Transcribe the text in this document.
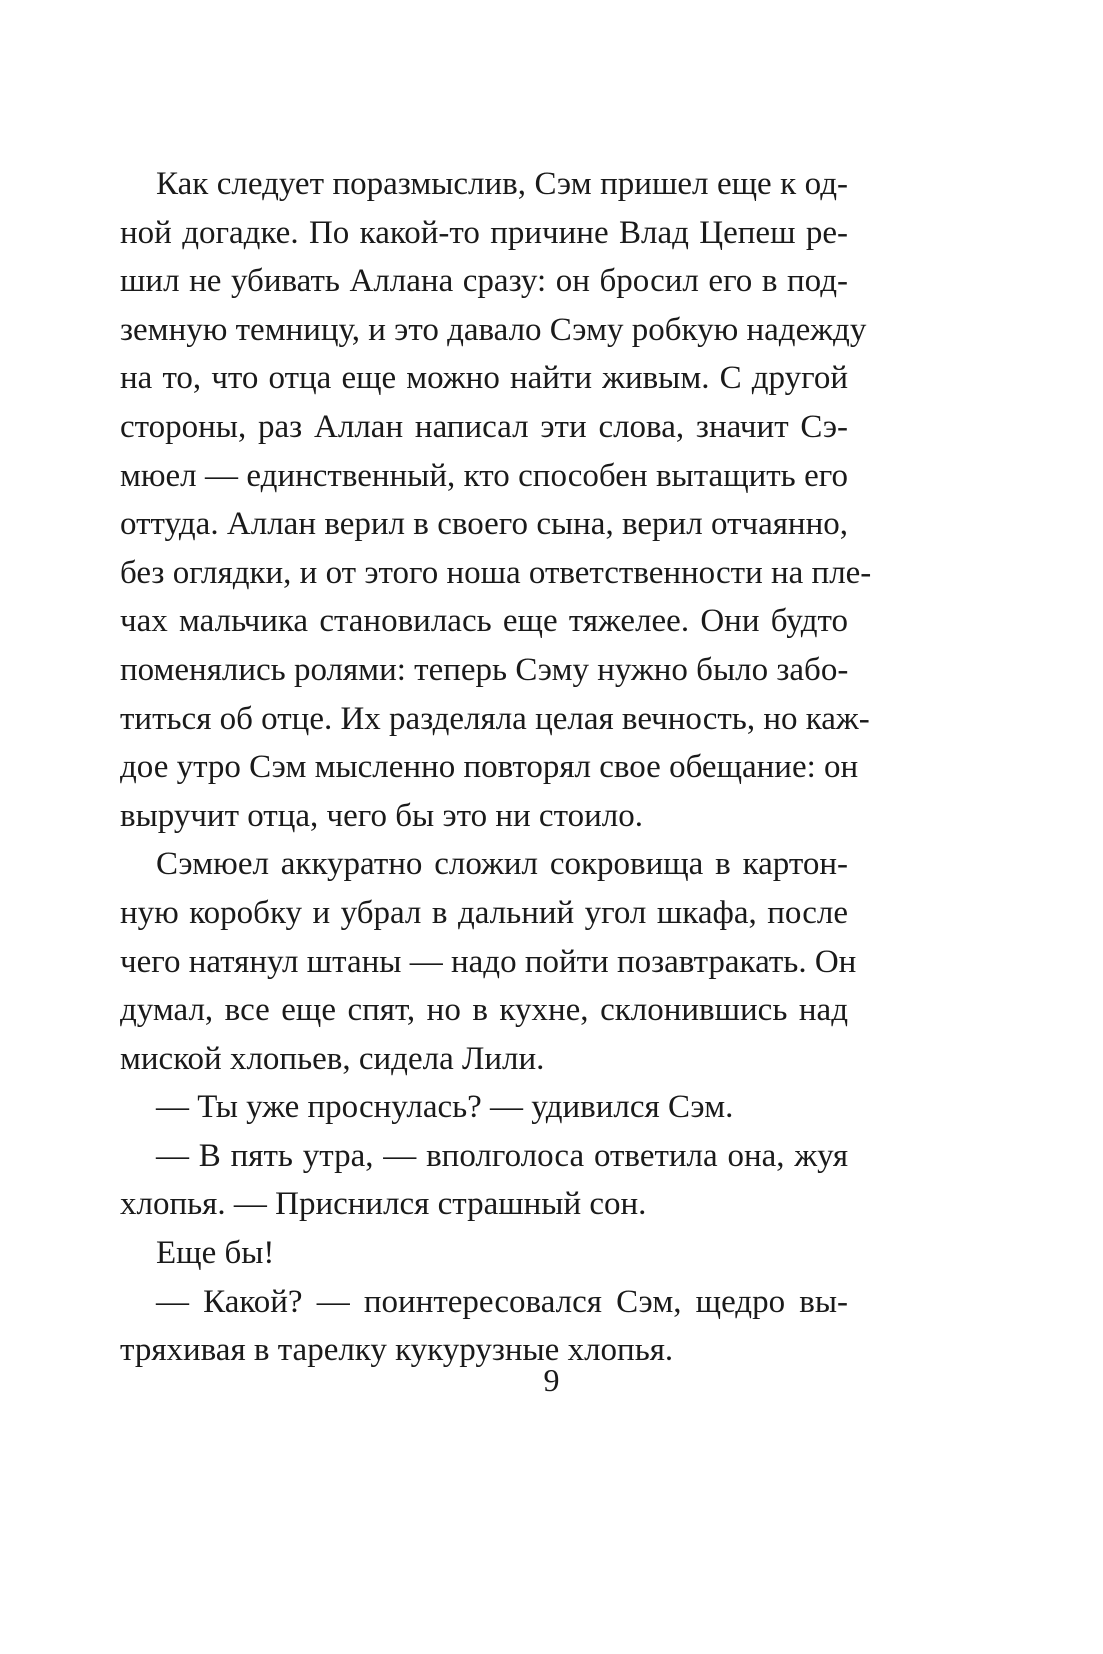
Как следует поразмыслив, Сэм пришел еще к од-
ной догадке. По какой-то причине Влад Цепеш ре-
шил не убивать Аллана сразу: он бросил его в под-
земную темницу, и это давало Сэму робкую надежду
на то, что отца еще можно найти живым. С другой
стороны, раз Аллан написал эти слова, значит Сэ-
мюел — единственный, кто способен вытащить его
оттуда. Аллан верил в своего сына, верил отчаянно,
без оглядки, и от этого ноша ответственности на пле-
чах мальчика становилась еще тяжелее. Они будто
поменялись ролями: теперь Сэму нужно было забо-
титься об отце. Их разделяла целая вечность, но каж-
дое утро Сэм мысленно повторял свое обещание: он
выручит отца, чего бы это ни стоило.
Сэмюел аккуратно сложил сокровища в картон-
ную коробку и убрал в дальний угол шкафа, после
чего натянул штаны — надо пойти позавтракать. Он
думал, все еще спят, но в кухне, склонившись над
миской хлопьев, сидела Лили.
— Ты уже проснулась? — удивился Сэм.
— В пять утра, — вполголоса ответила она, жуя
хлопья. — Приснился страшный сон.
Еще бы!
— Какой? — поинтересовался Сэм, щедро вы-
тряхивая в тарелку кукурузные хлопья.
9
